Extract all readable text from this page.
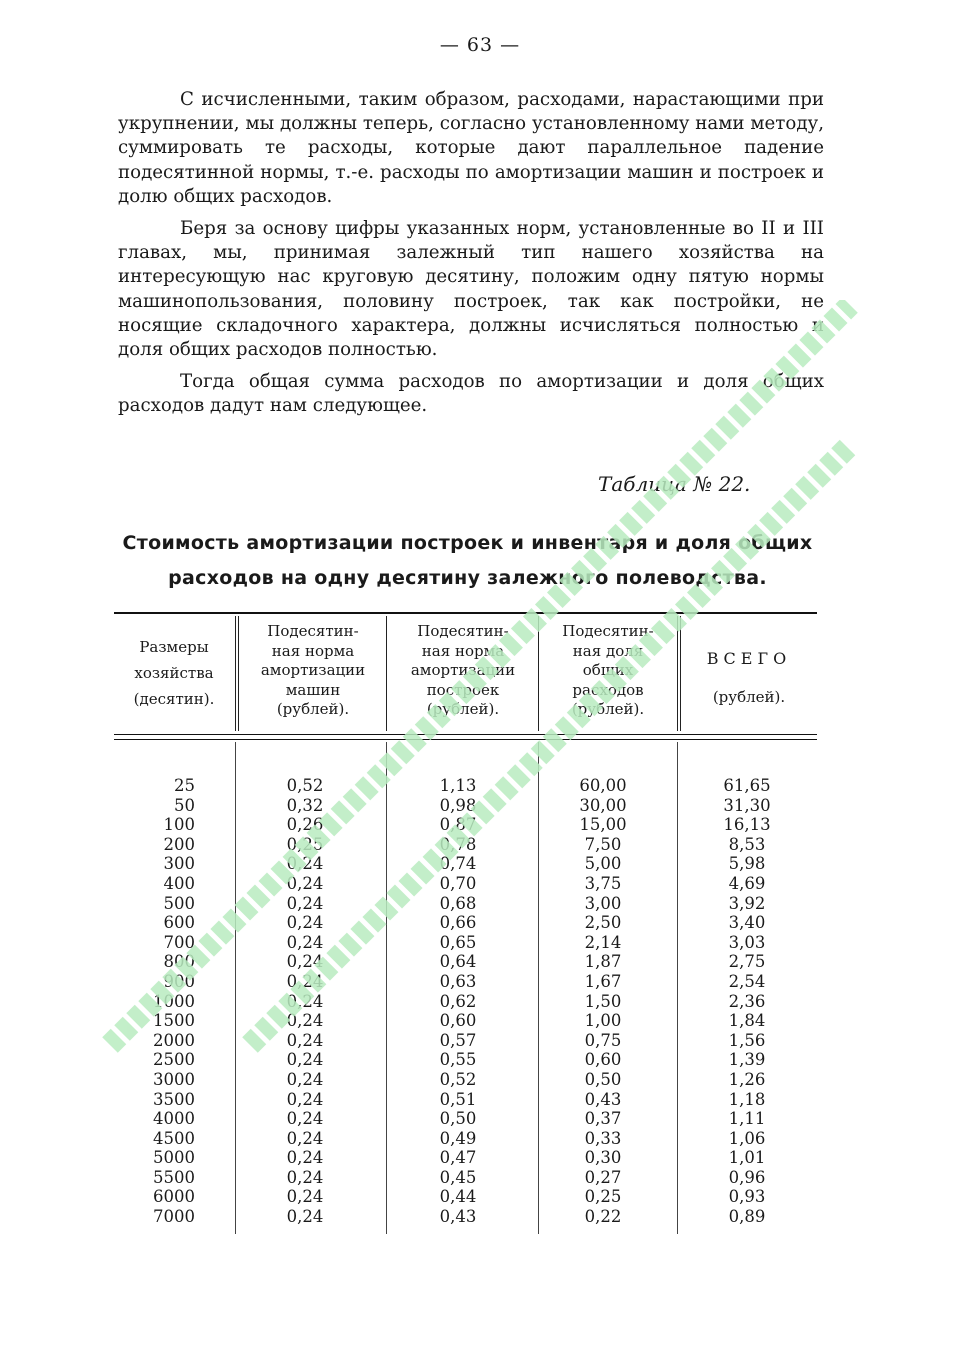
— 63 —

С исчисленными, таким образом, расходами, нарастающими при укрупнении, мы должны теперь, согласно установленному нами методу, суммировать те расходы, которые дают параллельное падение подесятинной нормы, т.-е. расходы по амортизации машин и построек и долю общих расходов.

Беря за основу цифры указанных норм, установленные во II и III главах, мы, принимая залежный тип нашего хозяйства на интересующую нас круговую десятину, положим одну пятую нормы машинопользования, половину построек, так как постройки, не носящие складочного характера, должны исчисляться полностью и доля общих расходов полностью.

Тогда общая сумма расходов по амортизации и доля общих расходов дадут нам следующее.

Таблица № 22.
Стоимость амортизации построек и инвентаря и доля общих
расходов на одну десятину залежного полеводства.
Размеры
хозяйства
(десятин).
Подесятин-
ная норма
амортизации
машин
(рублей).
Подесятин-
ная норма
амортизации
построек
(рублей).
Подесятин-
ная доля
общих
расходов
(рублей).
ВСЕГО
(рублей).
25
50
100
200
300
400
500
600
700
800
900
1000
1500
2000
2500
3000
3500
4000
4500
5000
5500
6000
7000
0,52
0,32
0,26
0,25
0,24
0,24
0,24
0,24
0,24
0,24
0,24
0,24
0,24
0,24
0,24
0,24
0,24
0,24
0,24
0,24
0,24
0,24
0,24
1,13
0,98
0,87
0,78
0,74
0,70
0,68
0,66
0,65
0,64
0,63
0,62
0,60
0,57
0,55
0,52
0,51
0,50
0,49
0,47
0,45
0,44
0,43
60,00
30,00
15,00
7,50
5,00
3,75
3,00
2,50
2,14
1,87
1,67
1,50
1,00
0,75
0,60
0,50
0,43
0,37
0,33
0,30
0,27
0,25
0,22
61,65
31,30
16,13
8,53
5,98
4,69
3,92
3,40
3,03
2,75
2,54
2,36
1,84
1,56
1,39
1,26
1,18
1,11
1,06
1,01
0,96
0,93
0,89
